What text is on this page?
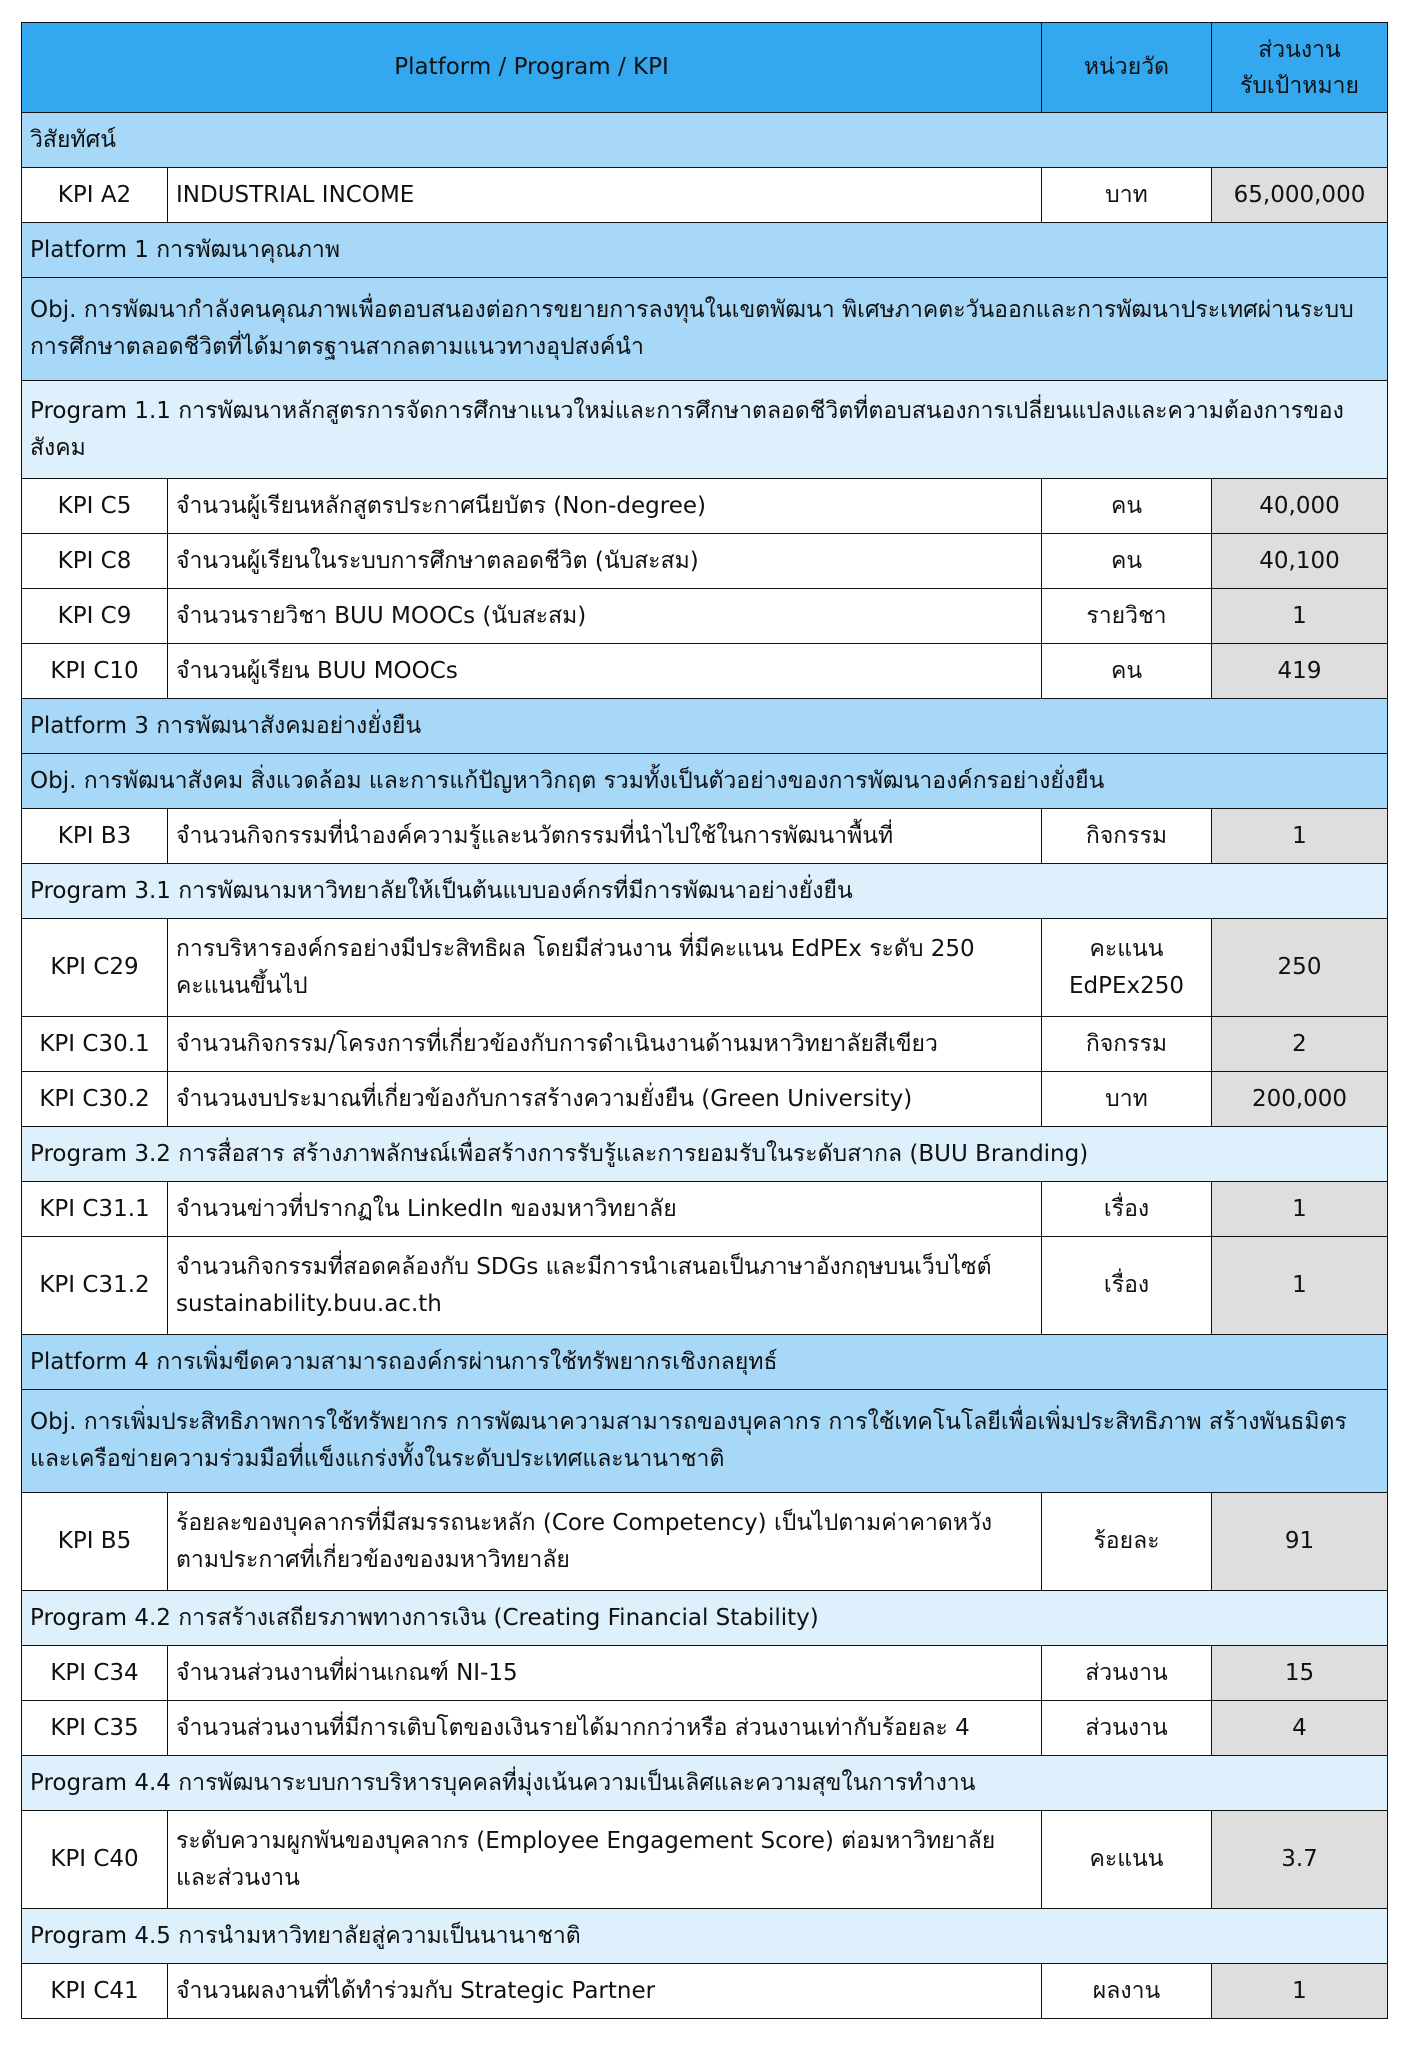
Platform / Program / KPI		หน่วยวัด	ส่วนงาน
รับเป้าหมาย
วิสัยทัศน์			
KPI A2	INDUSTRIAL INCOME	บาท	65,000,000
Platform 1 การพัฒนาคุณภาพ			
Obj. การพัฒนากำลังคนคุณภาพเพื่อตอบสนองต่อการขยายการลงทุนในเขตพัฒนา พิเศษภาคตะวันออกและการพัฒนาประเทศผ่านระบบการศึกษาตลอดชีวิตที่ได้มาตรฐานสากลตามแนวทางอุปสงค์นำ			
Program 1.1 การพัฒนาหลักสูตรการจัดการศึกษาแนวใหม่และการศึกษาตลอดชีวิตที่ตอบสนองการเปลี่ยนแปลงและความต้องการของสังคม			
KPI C5	จำนวนผู้เรียนหลักสูตรประกาศนียบัตร (Non-degree)	คน	40,000
KPI C8	จำนวนผู้เรียนในระบบการศึกษาตลอดชีวิต (นับสะสม)	คน	40,100
KPI C9	จำนวนรายวิชา BUU MOOCs (นับสะสม)	รายวิชา	1
KPI C10	จำนวนผู้เรียน BUU MOOCs	คน	419
Platform 3 การพัฒนาสังคมอย่างยั่งยืน			
Obj. การพัฒนาสังคม สิ่งแวดล้อม และการแก้ปัญหาวิกฤต รวมทั้งเป็นตัวอย่างของการพัฒนาองค์กรอย่างยั่งยืน			
KPI B3	จำนวนกิจกรรมที่นำองค์ความรู้และนวัตกรรมที่นำไปใช้ในการพัฒนาพื้นที่	กิจกรรม	1
Program 3.1 การพัฒนามหาวิทยาลัยให้เป็นต้นแบบองค์กรที่มีการพัฒนาอย่างยั่งยืน			
KPI C29	การบริหารองค์กรอย่างมีประสิทธิผล โดยมีส่วนงาน ที่มีคะแนน EdPEx ระดับ 250 คะแนนขึ้นไป	คะแนน EdPEx250	250
KPI C30.1	จำนวนกิจกรรม/โครงการที่เกี่ยวข้องกับการดำเนินงานด้านมหาวิทยาลัยสีเขียว	กิจกรรม	2
KPI C30.2	จำนวนงบประมาณที่เกี่ยวข้องกับการสร้างความยั่งยืน (Green University)	บาท	200,000
Program 3.2 การสื่อสาร สร้างภาพลักษณ์เพื่อสร้างการรับรู้และการยอมรับในระดับสากล (BUU Branding)			
KPI C31.1	จำนวนข่าวที่ปรากฏใน LinkedIn ของมหาวิทยาลัย	เรื่อง	1
KPI C31.2	จำนวนกิจกรรมที่สอดคล้องกับ SDGs และมีการนำเสนอเป็นภาษาอังกฤษบนเว็บไซต์ sustainability.buu.ac.th	เรื่อง	1
Platform 4 การเพิ่มขีดความสามารถองค์กรผ่านการใช้ทรัพยากรเชิงกลยุทธ์			
Obj. การเพิ่มประสิทธิภาพการใช้ทรัพยากร การพัฒนาความสามารถของบุคลากร การใช้เทคโนโลยีเพื่อเพิ่มประสิทธิภาพ สร้างพันธมิตรและเครือข่ายความร่วมมือที่แข็งแกร่งทั้งในระดับประเทศและนานาชาติ			
KPI B5	ร้อยละของบุคลากรที่มีสมรรถนะหลัก (Core Competency) เป็นไปตามค่าคาดหวัง ตามประกาศที่เกี่ยวข้องของมหาวิทยาลัย	ร้อยละ	91
Program 4.2 การสร้างเสถียรภาพทางการเงิน (Creating Financial Stability)			
KPI C34	จำนวนส่วนงานที่ผ่านเกณฑ์ NI-15	ส่วนงาน	15
KPI C35	จำนวนส่วนงานที่มีการเติบโตของเงินรายได้มากกว่าหรือ ส่วนงานเท่ากับร้อยละ 4	ส่วนงาน	4
Program 4.4 การพัฒนาระบบการบริหารบุคคลที่มุ่งเน้นความเป็นเลิศและความสุขในการทำงาน			
KPI C40	ระดับความผูกพันของบุคลากร (Employee Engagement Score) ต่อมหาวิทยาลัยและส่วนงาน	คะแนน	3.7
Program 4.5 การนำมหาวิทยาลัยสู่ความเป็นนานาชาติ			
KPI C41	จำนวนผลงานที่ได้ทำร่วมกับ Strategic Partner	ผลงาน	1
